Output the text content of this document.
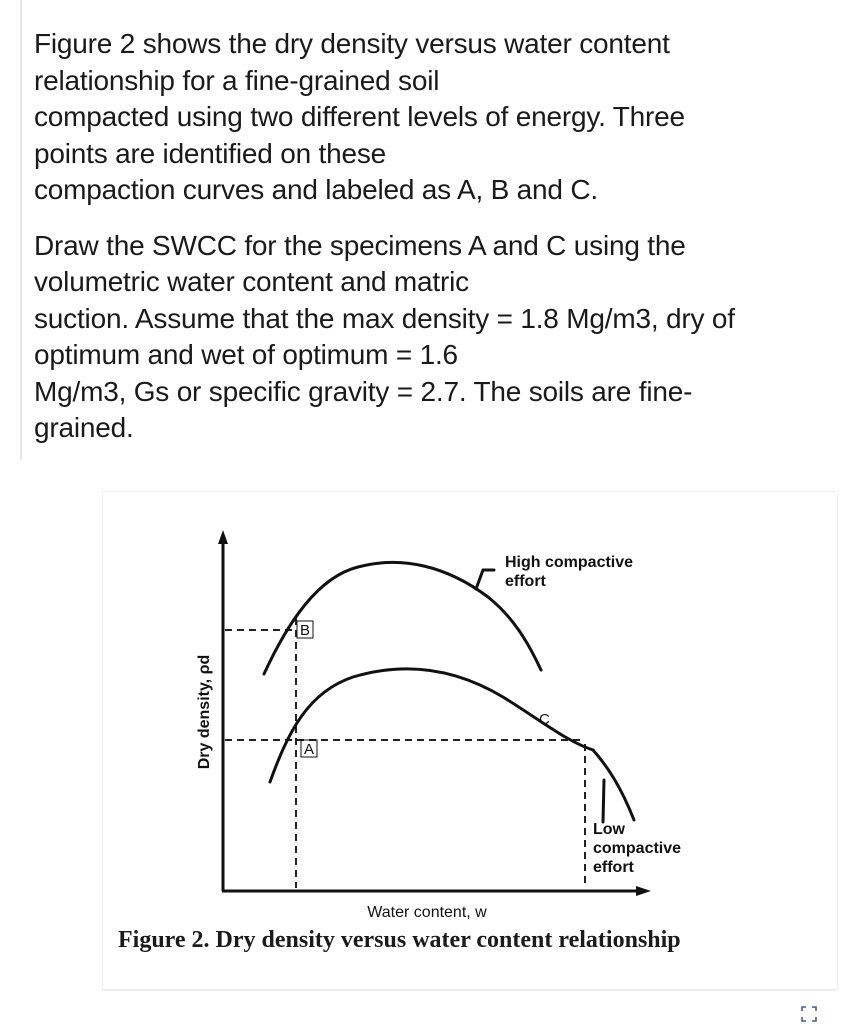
Figure 2 shows the dry density versus water content
relationship for a fine-grained soil
compacted using two different levels of energy. Three
points are identified on these
compaction curves and labeled as A, B and C.

Draw the SWCC for the specimens A and C using the
volumetric water content and matric
suction. Assume that the max density = 1.8 Mg/m3, dry of
optimum and wet of optimum = 1.6
Mg/m3, Gs or specific gravity = 2.7. The soils are fine-
grained.

B
A
C
High compactive
effort
Low
compactive
effort
Dry density, ρd
Water content, w
Figure 2. Dry density versus water content relationship
